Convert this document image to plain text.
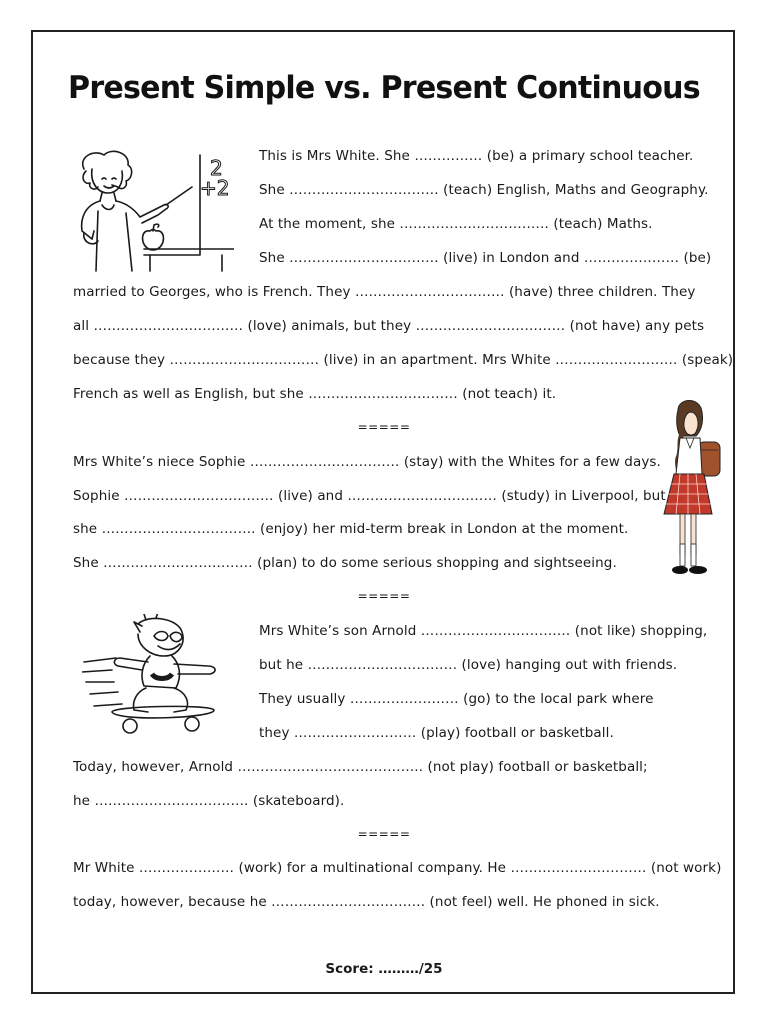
Present Simple vs. Present Continuous
2
+2
This is Mrs White. She …………… (be) a primary school teacher.
She …………………………… (teach) English, Maths and Geography.
At the moment, she …………………………… (teach) Maths.
She …………………………… (live) in London and ………………… (be)
married to Georges, who is French. They …………………………… (have) three children. They
all …………………………… (love) animals, but they …………………………… (not have) any pets
because they …………………………… (live) in an apartment. Mrs White ……………………… (speak)
French as well as English, but she …………………………… (not teach) it.
=====
Mrs White’s niece Sophie …………………………… (stay) with the Whites for a few days.
Sophie …………………………… (live) and …………………………… (study) in Liverpool, but
she ……………………………. (enjoy) her mid-term break in London at the moment.
She …………………………… (plan) to do some serious shopping and sightseeing.
=====
Mrs White’s son Arnold …………………………… (not like) shopping,
but he …………………………… (love) hanging out with friends.
They usually …………………… (go) to the local park where
they ……………………… (play) football or basketball.
Today, however, Arnold ………………………………….. (not play) football or basketball;
he ……………………………. (skateboard).
=====
Mr White ………………… (work) for a multinational company. He ………………………… (not work)
today, however, because he ……………………………. (not feel) well. He phoned in sick.
Score: ………/25
